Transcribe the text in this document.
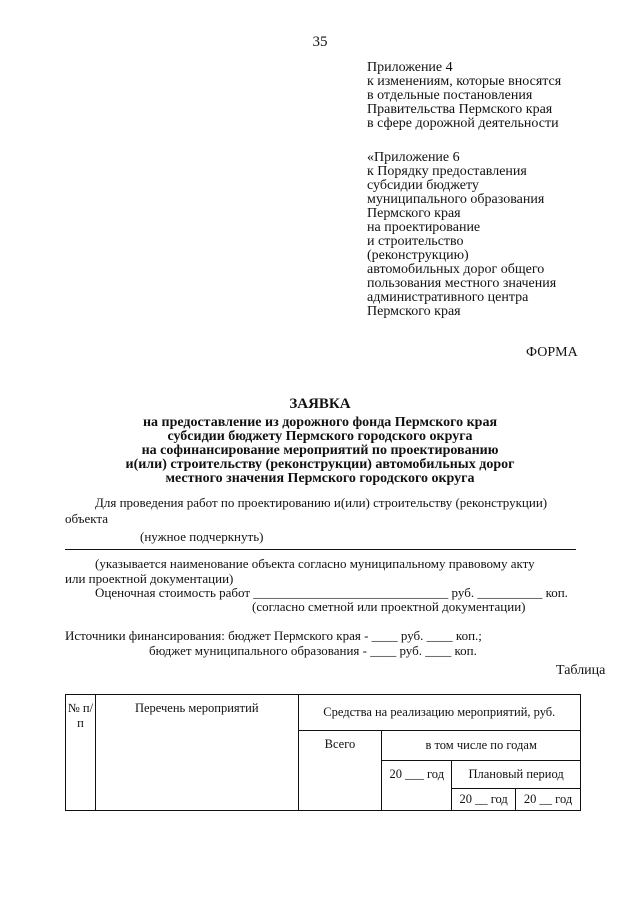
35
Приложение 4
к изменениям, которые вносятся
в отдельные постановления
Правительства Пермского края
в сфере дорожной деятельности
«Приложение 6
к Порядку предоставления
субсидии бюджету
муниципального образования
Пермского края
на проектирование
и строительство
(реконструкцию)
автомобильных дорог общего
пользования местного значения
административного центра
Пермского края
ФОРМА
ЗАЯВКА
на предоставление из дорожного фонда Пермского края
субсидии бюджету Пермского городского округа
на софинансирование мероприятий по проектированию
и(или) строительству (реконструкции) автомобильных дорог
местного значения Пермского городского округа
Для проведения работ по проектированию и(или) строительству (реконструкции)
объекта
(нужное подчеркнуть)
(указывается наименование объекта согласно муниципальному правовому акту
или проектной документации)
Оценочная стоимость работ ______________________________ руб. __________ коп.
(согласно сметной или проектной документации)
Источники финансирования: бюджет Пермского края - ____ руб. ____ коп.;
бюджет муниципального образования - ____ руб. ____ коп.
Таблица
№ п/п	Перечень мероприятий	Средства на реализацию мероприятий, руб.			
		Всего	в том числе по годам		
			20 ___ год	Плановый период	
				20 __ год	20 __ год
